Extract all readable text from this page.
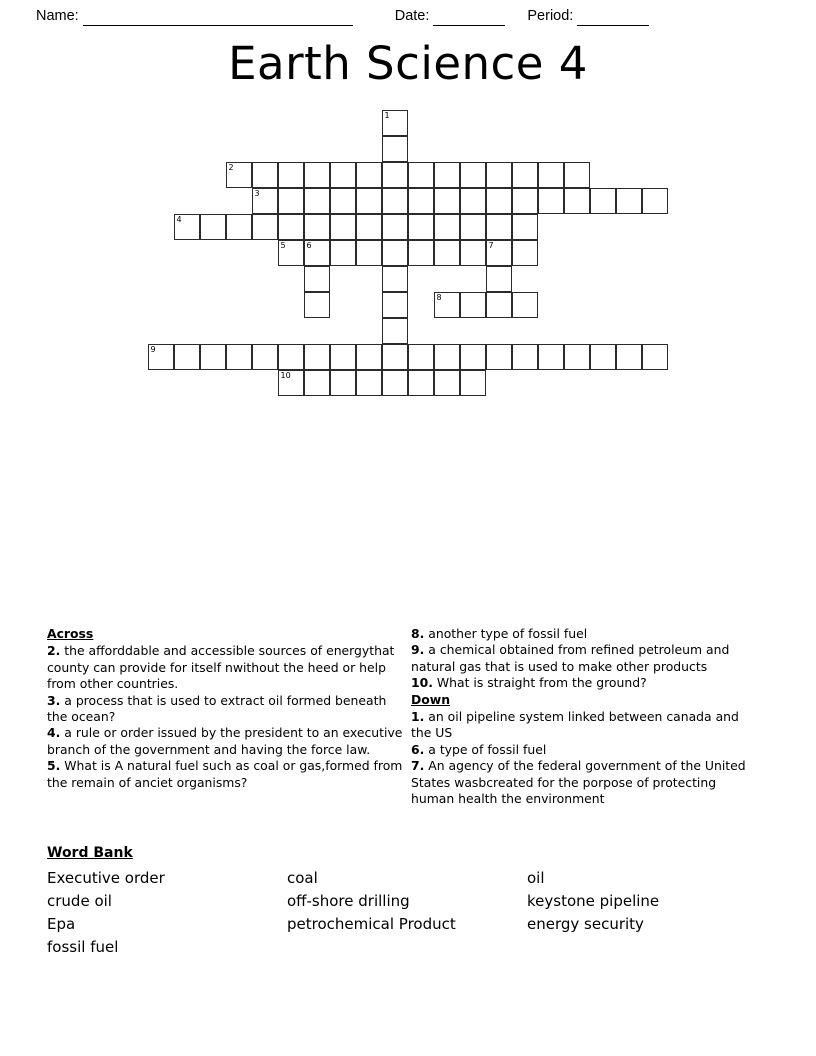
Name:	Date:	Period:
Earth Science 4
2
3
4
5	6	7
8
9
10
1
Across
2. the afforddable and accessible sources of energythat county can provide for itself nwithout the heed or help from other countries.
3. a process that is used to extract oil formed beneath the ocean?
4. a rule or order issued by the president to an executive branch of the government and having the force law.
5. What is A natural fuel such as coal or gas,formed from the remain of anciet organisms?
8. another type of fossil fuel
9. a chemical obtained from refined petroleum and natural gas that is used to make other products
10. What is straight from the ground?
Down
1. an oil pipeline system linked between canada and the US
6. a type of fossil fuel
7. An agency of the federal government of the United States wasbcreated for the porpose of protecting human health the environment
Word Bank
Executive order	coal	oil
crude oil	off-shore drilling	keystone pipeline
Epa	petrochemical Product	energy security
fossil fuel
